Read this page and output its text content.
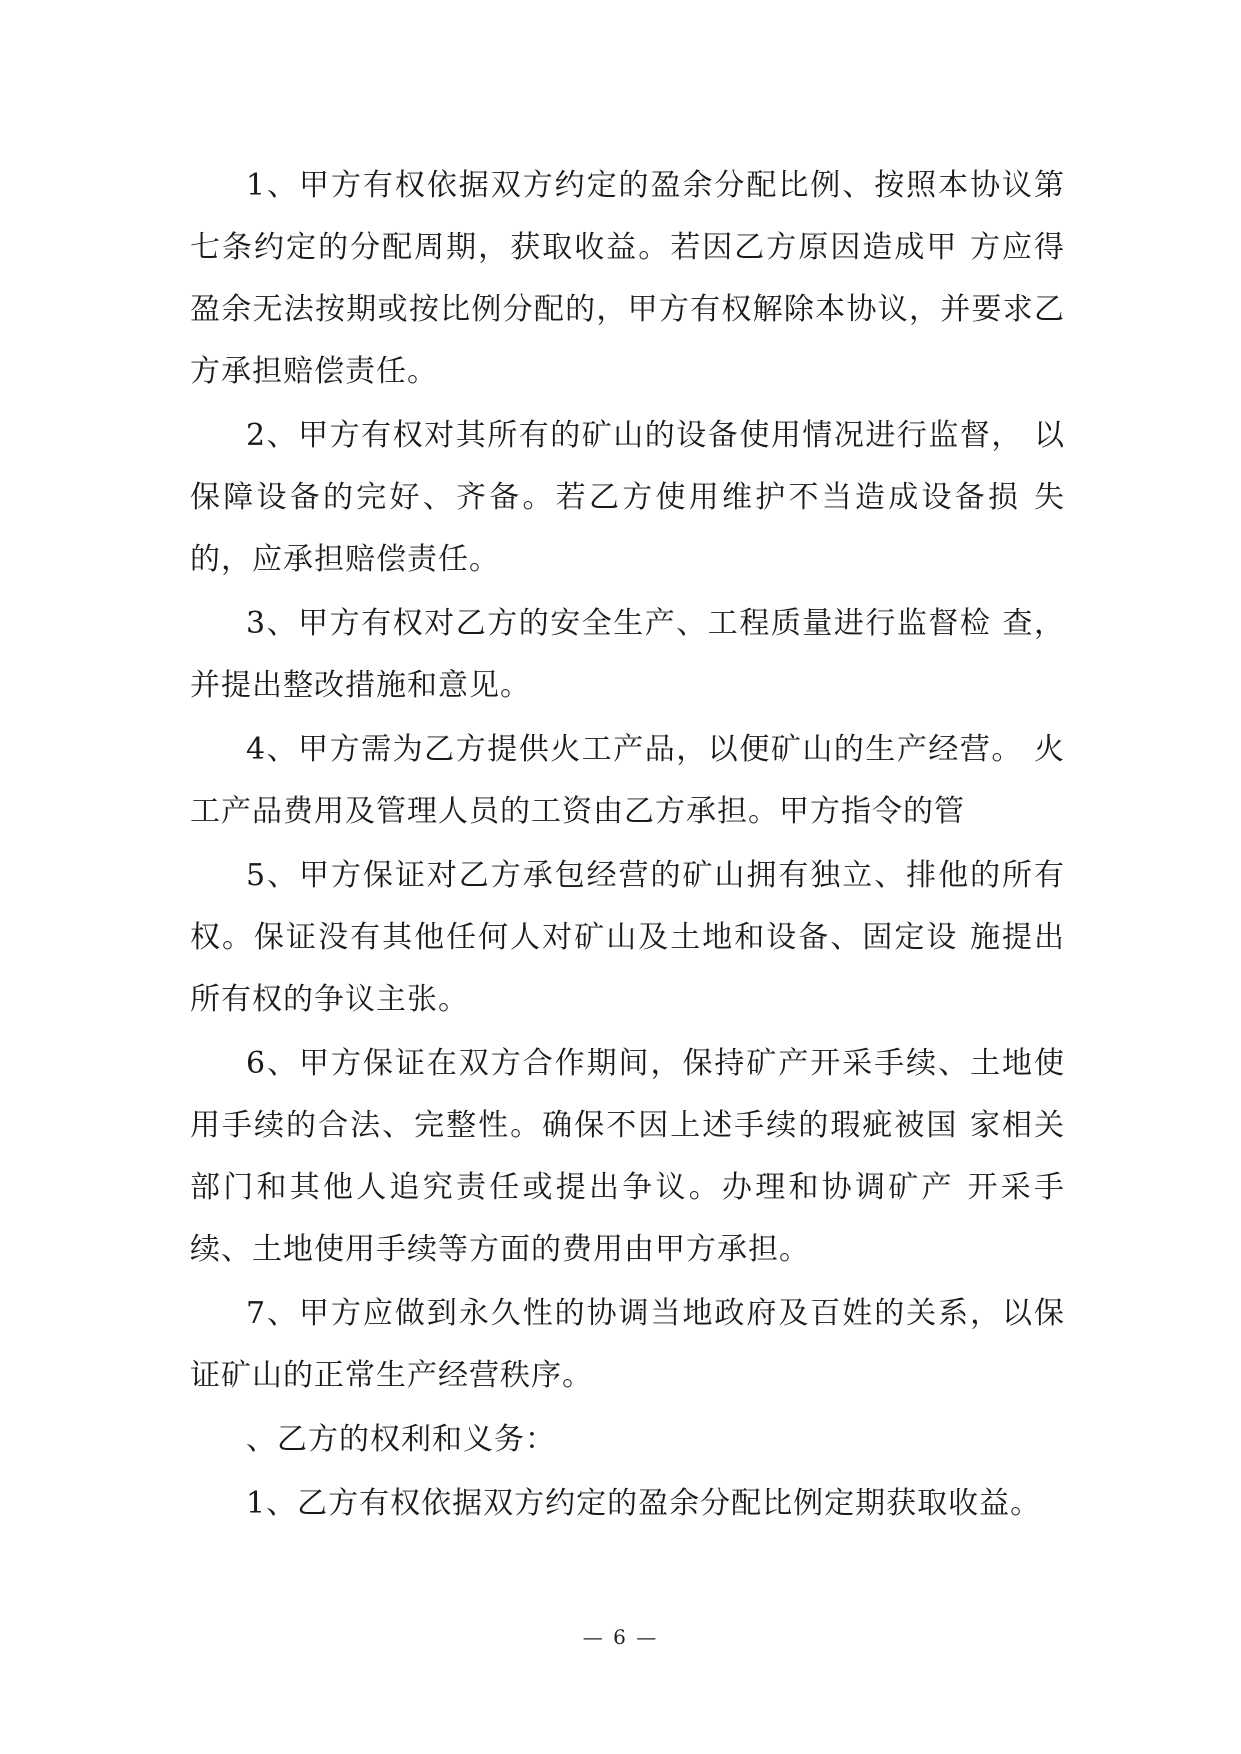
1、甲方有权依据双方约定的盈余分配比例、按照本协议第七条约定的分配周期，获取收益。若因乙方原因造成甲 方应得盈余无法按期或按比例分配的，甲方有权解除本协议，并要求乙方承担赔偿责任。

2、甲方有权对其所有的矿山的设备使用情况进行监督， 以保障设备的完好、齐备。若乙方使用维护不当造成设备损 失的，应承担赔偿责任。

3、甲方有权对乙方的安全生产、工程质量进行监督检 查，并提出整改措施和意见。

4、甲方需为乙方提供火工产品，以便矿山的生产经营。 火工产品费用及管理人员的工资由乙方承担。甲方指令的管

5、甲方保证对乙方承包经营的矿山拥有独立、排他的所有权。保证没有其他任何人对矿山及土地和设备、固定设 施提出所有权的争议主张。

6、甲方保证在双方合作期间，保持矿产开采手续、土地使用手续的合法、完整性。确保不因上述手续的瑕疵被国 家相关部门和其他人追究责任或提出争议。办理和协调矿产 开采手续、土地使用手续等方面的费用由甲方承担。

7、甲方应做到永久性的协调当地政府及百姓的关系，以保证矿山的正常生产经营秩序。

、乙方的权利和义务：

1、乙方有权依据双方约定的盈余分配比例定期获取收益。

— 6 —
